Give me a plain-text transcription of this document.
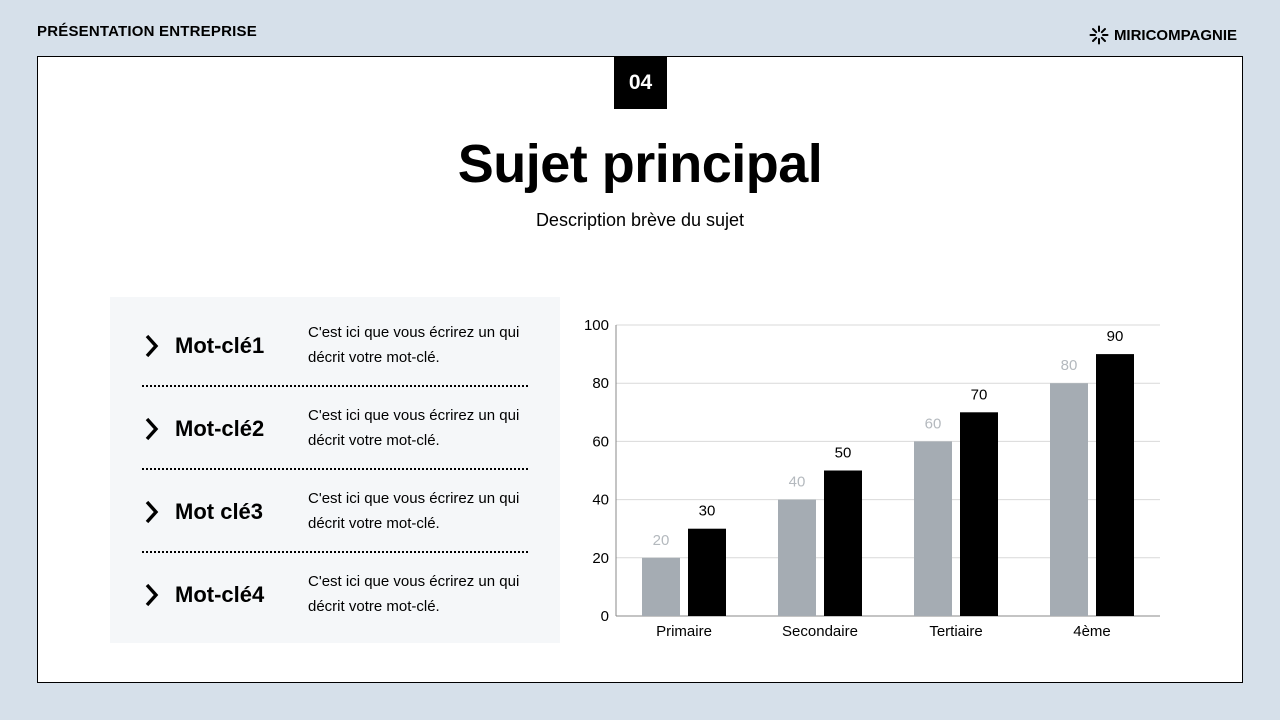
PRÉSENTATION ENTREPRISE	MIRICOMPAGNIE
04
Sujet principal
Description brève du sujet
Mot-clé1
C'est ici que vous écrirez un qui décrit votre mot-clé.
Mot-clé2
C'est ici que vous écrirez un qui décrit votre mot-clé.
Mot clé3
C'est ici que vous écrirez un qui décrit votre mot-clé.
Mot-clé4
C'est ici que vous écrirez un qui décrit votre mot-clé.
0
20
40
60
80
100
20
30
Primaire
40
50
Secondaire
60
70
Tertiaire
80
90
4ème
